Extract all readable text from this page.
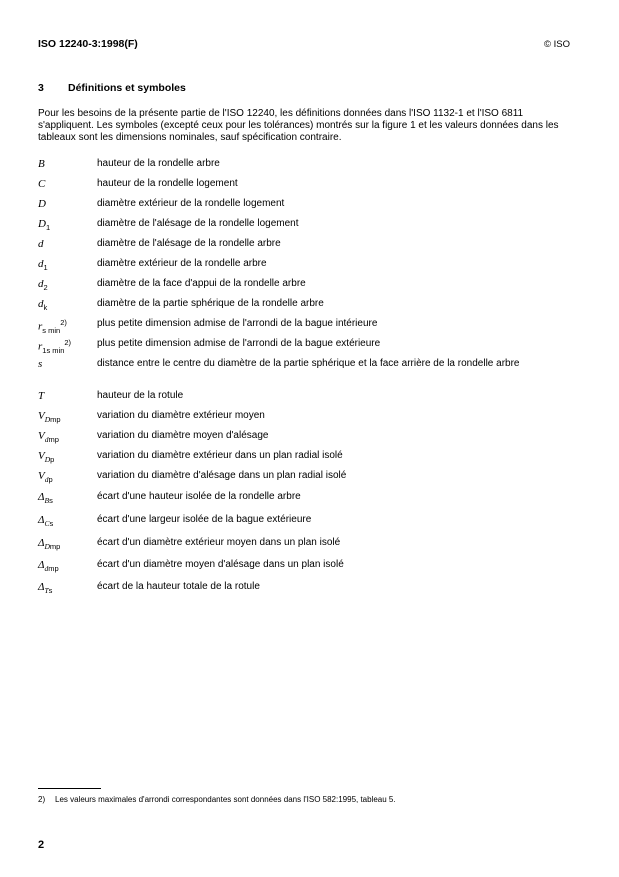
ISO 12240-3:1998(F)	© ISO
3 Définitions et symboles
Pour les besoins de la présente partie de l'ISO 12240, les définitions données dans l'ISO 1132-1 et l'ISO 6811 s'appliquent. Les symboles (excepté ceux pour les tolérances) montrés sur la figure 1 et les valeurs données dans les tableaux sont les dimensions nominales, sauf spécification contraire.
B	hauteur de la rondelle arbre
C	hauteur de la rondelle logement
D	diamètre extérieur de la rondelle logement
$D_1$	diamètre de l'alésage de la rondelle logement
d	diamètre de l'alésage de la rondelle arbre
$d_1$	diamètre extérieur de la rondelle arbre
$d_2$	diamètre de la face d'appui de la rondelle arbre
$d_k$	diamètre de la partie sphérique de la rondelle arbre
$r_{s min}^{2)}$	plus petite dimension admise de l'arrondi de la bague intérieure
$r_{1s min}^{2)}$	plus petite dimension admise de l'arrondi de la bague extérieure
s	distance entre le centre du diamètre de la partie sphérique et la face arrière de la rondelle arbre
T	hauteur de la rotule
$V_{Dmp}$	variation du diamètre extérieur moyen
$V_{dmp}$	variation du diamètre moyen d'alésage
$V_{Dp}$	variation du diamètre extérieur dans un plan radial isolé
$V_{dp}$	variation du diamètre d'alésage dans un plan radial isolé
$\Delta_{Bs}$	écart d'une hauteur isolée de la rondelle arbre
$\Delta_{Cs}$	écart d'une largeur isolée de la bague extérieure
$\Delta_{Dmp}$	écart d'un diamètre extérieur moyen dans un plan isolé
$\Delta_{dmp}$	écart d'un diamètre moyen d'alésage dans un plan isolé
$\Delta_{Ts}$	écart de la hauteur totale de la rotule
2) Les valeurs maximales d'arrondi correspondantes sont données dans l'ISO 582:1995, tableau 5.
2
